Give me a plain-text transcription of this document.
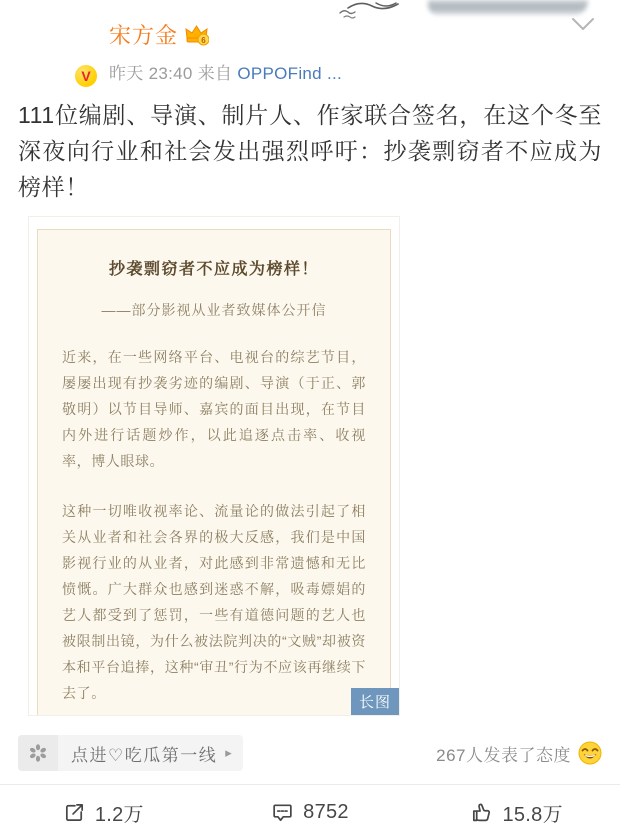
V
宋方金	6
昨天 23:40 来自 OPPOFind ...
111位编剧、导演、制片人、作家联合签名，在这个冬至深夜向行业和社会发出强烈呼吁：抄袭剽窃者不应成为榜样！
抄袭剽窃者不应成为榜样！
——部分影视从业者致媒体公开信

近来，在一些网络平台、电视台的综艺节目，屡屡出现有抄袭劣迹的编剧、导演（于正、郭敬明）以节目导师、嘉宾的面目出现，在节目内外进行话题炒作，以此追逐点击率、收视率，博人眼球。

这种一切唯收视率论、流量论的做法引起了相关从业者和社会各界的极大反感，我们是中国影视行业的从业者，对此感到非常遗憾和无比愤慨。广大群众也感到迷惑不解，吸毒嫖娼的艺人都受到了惩罚，一些有道德问题的艺人也被限制出镜，为什么被法院判决的“文贼”却被资本和平台追捧，这种“审丑”行为不应该再继续下去了。

长图
点进♡吃瓜第一线 ▸	267人发表了态度
1.2万	8752	15.8万
